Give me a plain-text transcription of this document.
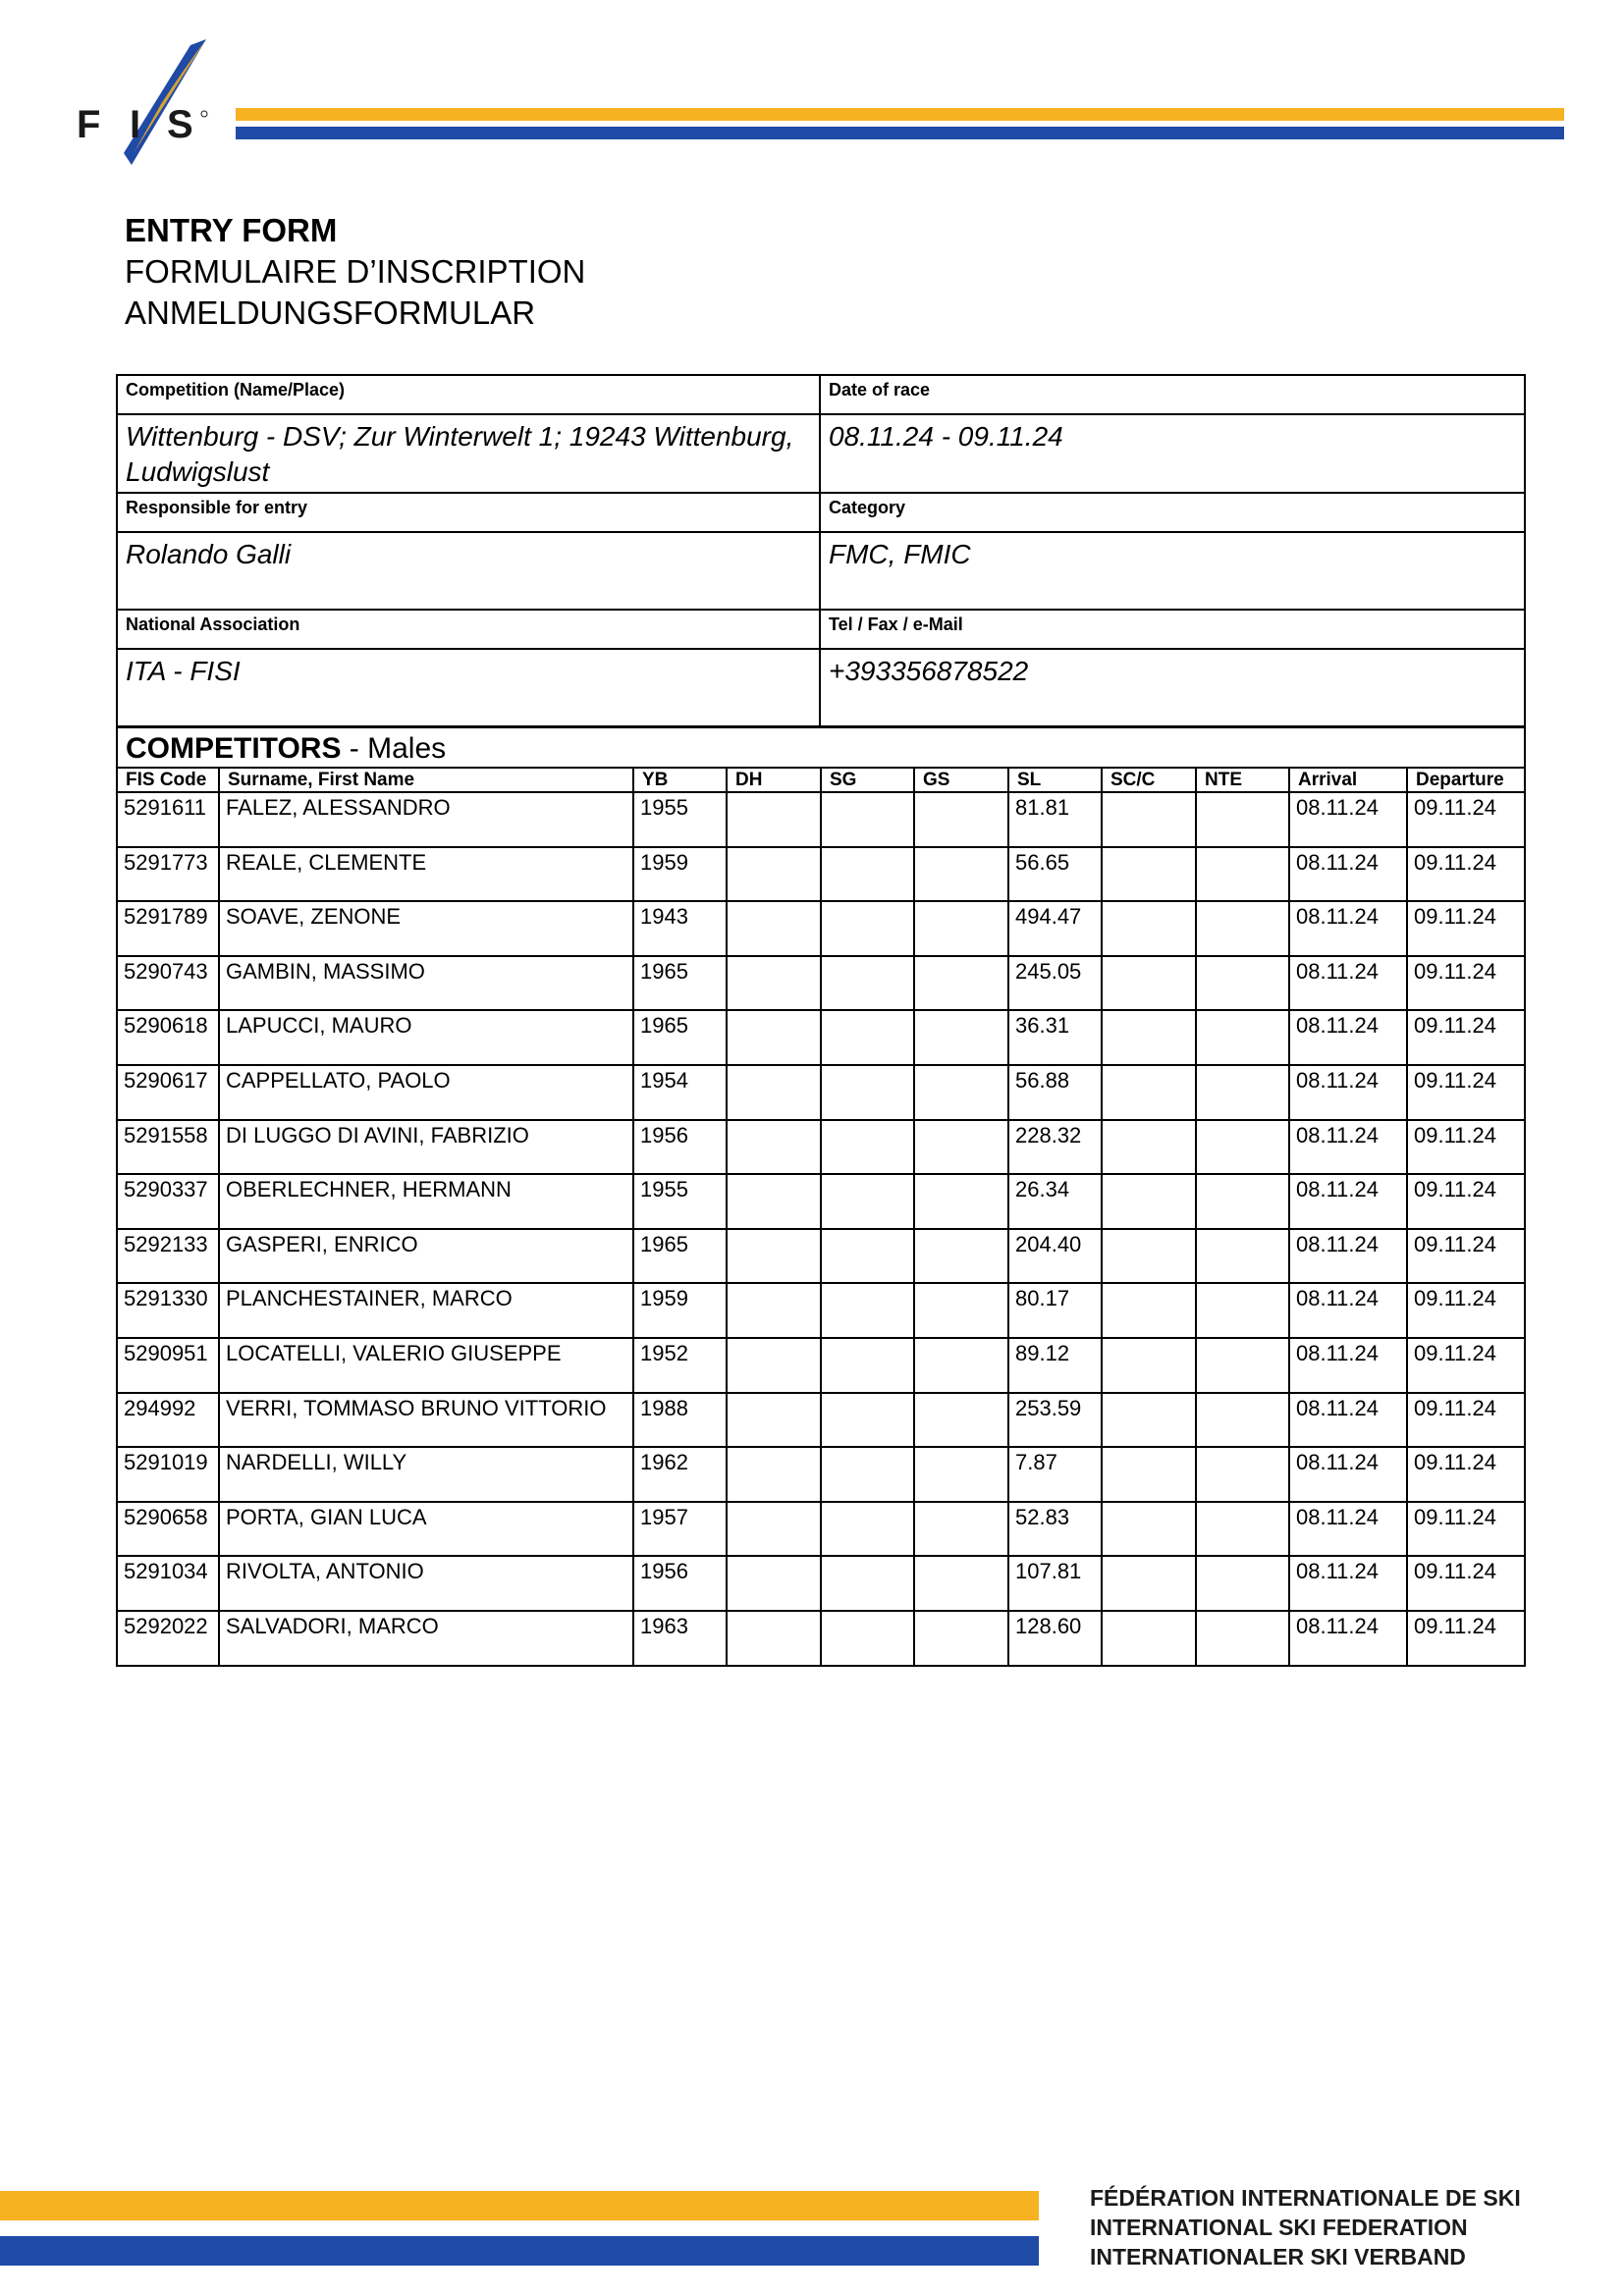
F I S
ENTRY FORM
FORMULAIRE D’INSCRIPTION
ANMELDUNGSFORMULAR
Competition (Name/Place)	Date of race
Wittenburg - DSV; Zur Winterwelt 1; 19243 Wittenburg, Ludwigslust	08.11.24 - 09.11.24
Responsible for entry	Category
Rolando Galli	FMC, FMIC
National Association	Tel / Fax / e-Mail
ITA - FISI	+393356878522
COMPETITORS - Males										
FIS Code	Surname, First Name	YB	DH	SG	GS	SL	SC/C	NTE	Arrival	Departure
5291611	FALEZ, ALESSANDRO	1955				81.81			08.11.24	09.11.24
5291773	REALE, CLEMENTE	1959				56.65			08.11.24	09.11.24
5291789	SOAVE, ZENONE	1943				494.47			08.11.24	09.11.24
5290743	GAMBIN, MASSIMO	1965				245.05			08.11.24	09.11.24
5290618	LAPUCCI, MAURO	1965				36.31			08.11.24	09.11.24
5290617	CAPPELLATO, PAOLO	1954				56.88			08.11.24	09.11.24
5291558	DI LUGGO DI AVINI, FABRIZIO	1956				228.32			08.11.24	09.11.24
5290337	OBERLECHNER, HERMANN	1955				26.34			08.11.24	09.11.24
5292133	GASPERI, ENRICO	1965				204.40			08.11.24	09.11.24
5291330	PLANCHESTAINER, MARCO	1959				80.17			08.11.24	09.11.24
5290951	LOCATELLI, VALERIO GIUSEPPE	1952				89.12			08.11.24	09.11.24
294992	VERRI, TOMMASO BRUNO VITTORIO	1988				253.59			08.11.24	09.11.24
5291019	NARDELLI, WILLY	1962				7.87			08.11.24	09.11.24
5290658	PORTA, GIAN LUCA	1957				52.83			08.11.24	09.11.24
5291034	RIVOLTA, ANTONIO	1956				107.81			08.11.24	09.11.24
5292022	SALVADORI, MARCO	1963				128.60			08.11.24	09.11.24
FÉDÉRATION INTERNATIONALE DE SKI
INTERNATIONAL SKI FEDERATION
INTERNATIONALER SKI VERBAND
